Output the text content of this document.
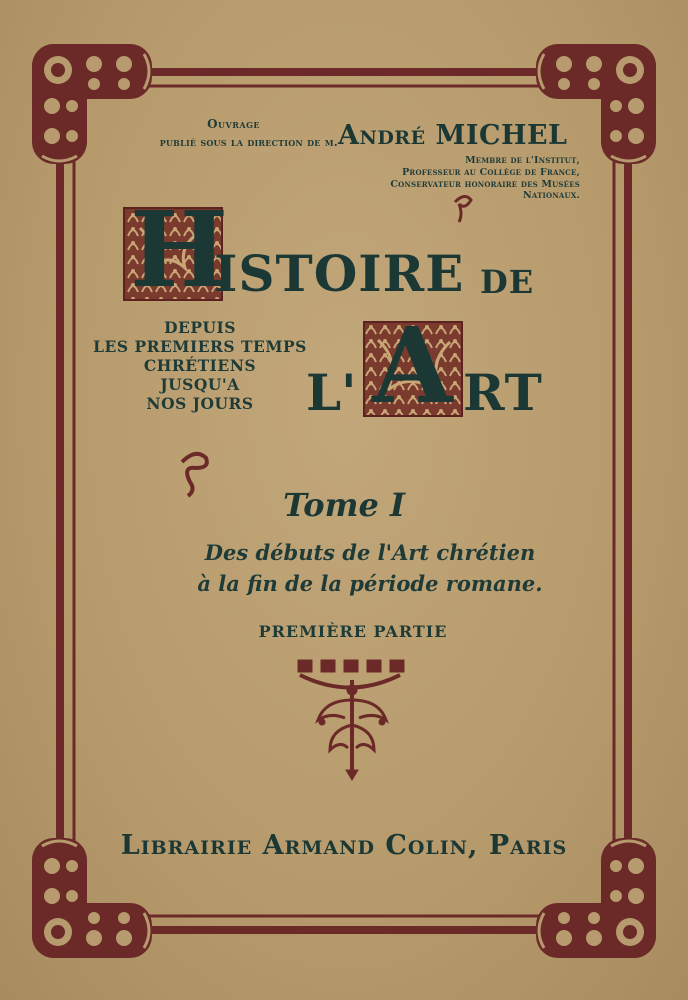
Ouvrage
publié sous la direction de m. André MICHEL
Membre de l'Institut,
Professeur au Collège de France,
Conservateur honoraire des Musées Nationaux.
H
ISTOIRE DE
L' A RT
DEPUIS
LES PREMIERS TEMPS
CHRÉTIENS
JUSQU'A
NOS JOURS
Tome I
Des débuts de l'Art chrétien
à la fin de la période romane.
PREMIÈRE PARTIE
Librairie Armand Colin, Paris
